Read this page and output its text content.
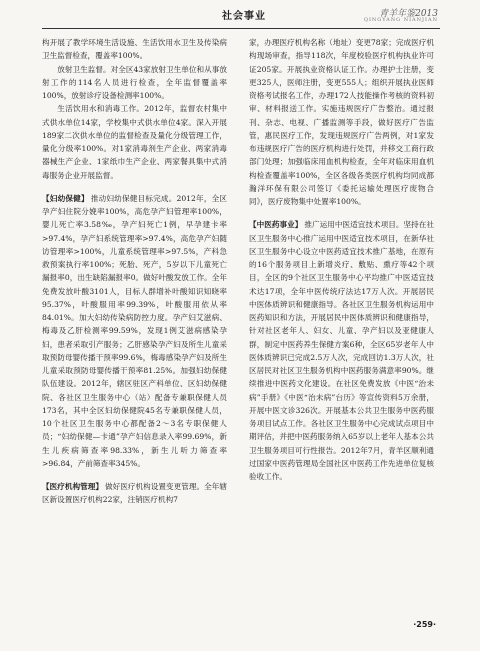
社会事业	青羊年鉴2013
QINGYANG NIANJIAN

构开展了教学环境生活设施、生活饮用水卫生及传染病卫生监督检查，覆盖率100%。

放射卫生监督。对全区43家放射卫生单位和从事放射工作的114名人员进行检查，全年监督覆盖率100%，放射诊疗设备检测率100%。

生活饮用水和消毒工作。2012年，监督农村集中式供水单位14家，学校集中式供水单位4家。深入开展189家二次供水单位的监督检查及量化分级管理工作，量化分级率100%。对1家消毒剂生产企业、两家消毒器械生产企业、1家纸巾生产企业、两家餐具集中式消毒服务企业开展监督。

【妇幼保健】 推动妇幼保健目标完成。2012年，全区孕产妇住院分娩率100%，高危孕产妇管理率100%，婴儿死亡率3.58‰，孕产妇死亡1例，早孕建卡率>97.4%，孕产妇系统管理率>97.4%，高危孕产妇随访管理率>100%，儿童系统管理率>97.5%，产科急救预案执行率100%；死胎、死产，5岁以下儿童死亡漏报率0，出生缺陷漏报率0。做好叶酸发放工作。全年免费发放叶酸3101人，目标人群增补叶酸知识知晓率95.37%，叶酸服用率99.39%，叶酸服用依从率84.01%。加大妇幼传染病防控力度。孕产妇艾滋病、梅毒及乙肝检测率99.59%，发现1例艾滋病感染孕妇，患者采取引产服务；乙肝感染孕产妇及所生儿童采取预防母婴传播干预率99.6%，梅毒感染孕产妇及所生儿童采取预防母婴传播干预率81.25%。加强妇幼保健队伍建设。2012年，辖区驻区产科单位、区妇幼保健院、各社区卫生服务中心（站）配备专兼职保健人员173名，其中全区妇幼保健院45名专兼职保健人员，10个社区卫生服务中心都配备2～3名专职保健人员；“妇幼保健—卡通”孕产妇信息录入率99.69%，新生儿疾病筛查率98.33%，新生儿听力筛查率>96.84，产前筛查率345%。

【医疗机构管理】 做好医疗机构设置变更管理。全年辖区新设置医疗机构22家，注销医疗机构7

家，办理医疗机构名称（地址）变更78家；完成医疗机构现场审查，指导118次，年度校验医疗机构执业许可证205家。开展执业资格认证工作。办理护士注册，变更325人，医师注册，变更555人；组织开展执业医师资格考试报名工作，办理172人技能操作考核的资料初审、材料报送工作。实施违规医疗广告整治。通过报刊、杂志、电视、广播监测等手段，做好医疗广告监管，惠民医疗工作，发现违规医疗广告两例，对1家发布违规医疗广告的医疗机构进行处罚，并移交工商行政部门处理；加强临床用血机构检查，全年对临床用血机构检查覆盖率100%，全区各级各类医疗机构均同成都瀚洋环保有限公司签订《委托运输处理医疗废物合同》，医疗废物集中处置率100%。

【中医药事业】 推广运用中医适宜技术项目。坚持在社区卫生服务中心推广运用中医适宜技术项目，在新华社区卫生服务中心设立中医药适宜技术推广基地，在原有的16个服务项目上新增炎疗、敷贴、熏疗等42个项目，全区的9个社区卫生服务中心平均推广中医适宜技术达17项，全年中医传统疗法达17万人次。开展居民中医体质辨识和健康指导。各社区卫生服务机构运用中医药知识和方法，开展居民中医体质辨识和健康指导，针对社区老年人、妇女、儿童、孕产妇以及亚健康人群，制定中医药养生保健方案6种，全区65岁老年人中医体质辨识已完成2.5万人次，完成回访1.3万人次，社区居民对社区卫生服务机构中医药服务满意率90%。继续推进中医药文化建设。在社区免费发放《中医“治未病”手册》《中医“治未病”台历》等宣传资料5万余册，开展中医文诊326次。开展基本公共卫生服务中医药服务项目试点工作。各社区卫生服务中心完成试点项目中期评估，并把中医药服务纳入65岁以上老年人基本公共卫生服务项目可行性报告。2012年7月，青羊区顺利通过国家中医药管理局全国社区中医药工作先进单位复核验收工作。

·259·
